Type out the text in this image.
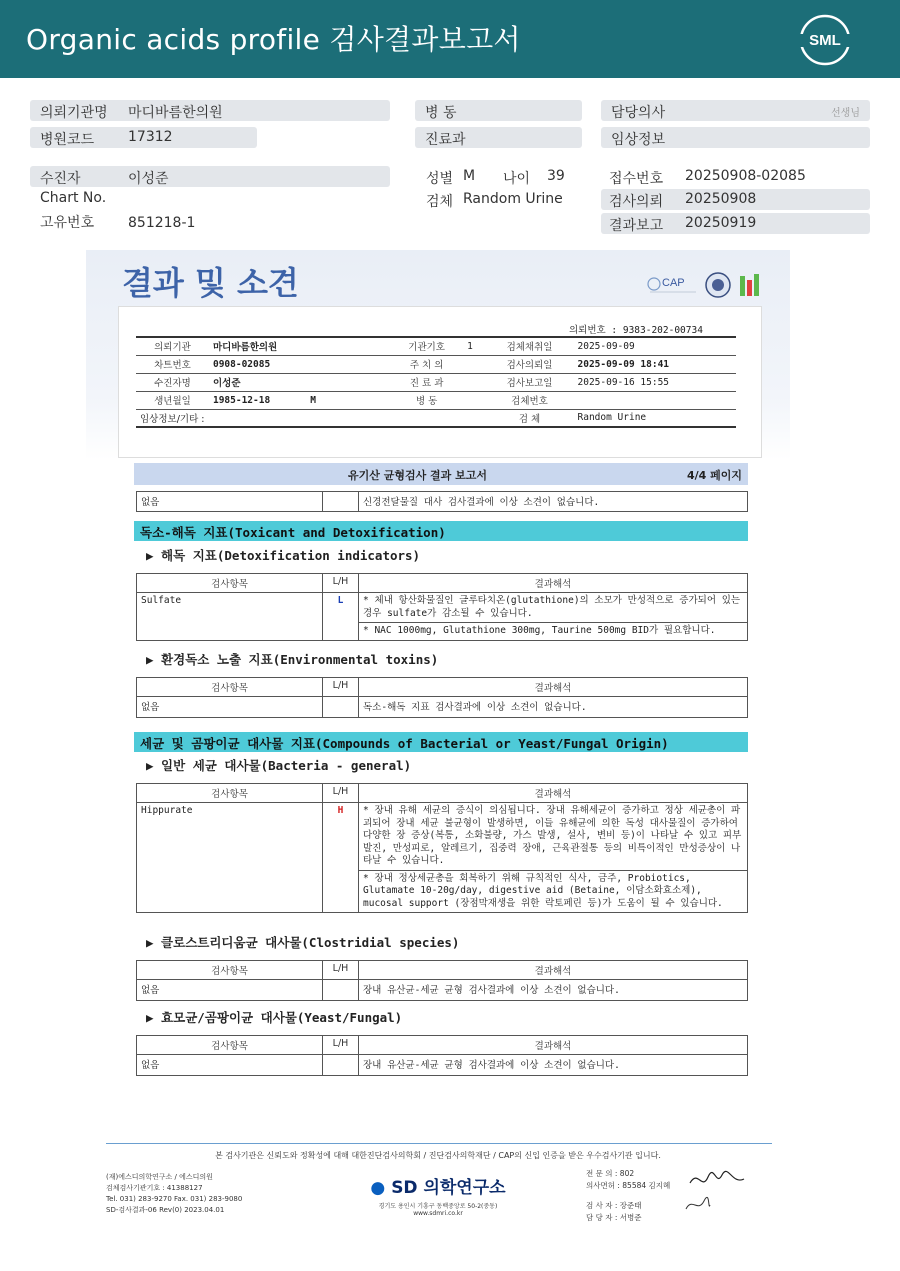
Organic acids profile 검사결과보고서	SML
의뢰기관명 마디바름한의원
병원코드 17312
병 동
진료과
담당의사	선생님
임상정보
수진자	이성준
Chart No.
고유번호 851218-1
성별 M 나이 39
검체 Random Urine
접수번호 20250908-02085
검사의뢰 20250908
결과보고 20250919
결과 및 소견	CAP
의뢰번호 : 9383-202-00734
의뢰기관	마디바름한의원	기관기호	1	검체채취일	2025-09-09
차트번호	0908-02085	주 치 의		검사의뢰일	2025-09-09 18:41
수진자명	이성준	진 료 과		검사보고일	2025-09-16 15:55
생년월일	1985-12-18 M	병 동		검체번호	
임상정보/기타 :				검 체	Random Urine
유기산 균형검사 결과 보고서	4/4 페이지
없음		신경전달물질 대사 검사결과에 이상 소견이 없습니다.
독소-해독 지표(Toxicant and Detoxification)
▶ 해독 지표(Detoxification indicators)
검사항목	L/H	결과해석
Sulfate	L	* 체내 항산화물질인 글루타치온(glutathione)의 소모가 만성적으로 증가되어 있는 경우 sulfate가 감소될 수 있습니다.
		* NAC 1000mg, Glutathione 300mg, Taurine 500mg BID가 필요합니다.
▶ 환경독소 노출 지표(Environmental toxins)
검사항목	L/H	결과해석
없음		독소-해독 지표 검사결과에 이상 소견이 없습니다.
세균 및 곰팡이균 대사물 지표(Compounds of Bacterial or Yeast/Fungal Origin)
▶ 일반 세균 대사물(Bacteria - general)
검사항목	L/H	결과해석
Hippurate	H	* 장내 유해 세균의 증식이 의심됩니다. 장내 유해세균이 증가하고 정상 세균총이 파괴되어 장내 세균 불균형이 발생하면, 이들 유해균에 의한 독성 대사물질이 증가하여 다양한 장 증상(복통, 소화불량, 가스 발생, 설사, 변비 등)이 나타날 수 있고 피부발진, 만성피로, 알레르기, 집중력 장애, 근육관절통 등의 비특이적인 만성증상이 나타날 수 있습니다.
		* 장내 정상세균총을 회복하기 위해 규칙적인 식사, 금주, Probiotics, Glutamate 10-20g/day, digestive aid (Betaine, 이담소화효소제), mucosal support (장점막재생을 위한 락토페린 등)가 도움이 될 수 있습니다.
▶ 클로스트리디움균 대사물(Clostridial species)
검사항목	L/H	결과해석
없음		장내 유산균-세균 균형 검사결과에 이상 소견이 없습니다.
▶ 효모균/곰팡이균 대사물(Yeast/Fungal)
검사항목	L/H	결과해석
없음		장내 유산균-세균 균형 검사결과에 이상 소견이 없습니다.
본 검사기관은 신뢰도와 정확성에 대해 대한진단검사의학회 / 진단검사의학재단 / CAP의 신입 인증을 받은 우수검사기관 입니다.
(재)에스디의학연구소 / 에스디의원
검체검사기관기호 : 41388127
Tel. 031) 283-9270 Fax. 031) 283-9080
SD-검사결과-06 Rev(0) 2023.04.01
● SD 의학연구소
경기도 용인시 기흥구 동백중앙로 50-2(중동)
www.sdmri.co.kr
전 문 의 : 802
의사면허 : 85584 김지혜
검 사 자 : 장준태
담 당 자 : 서병준
